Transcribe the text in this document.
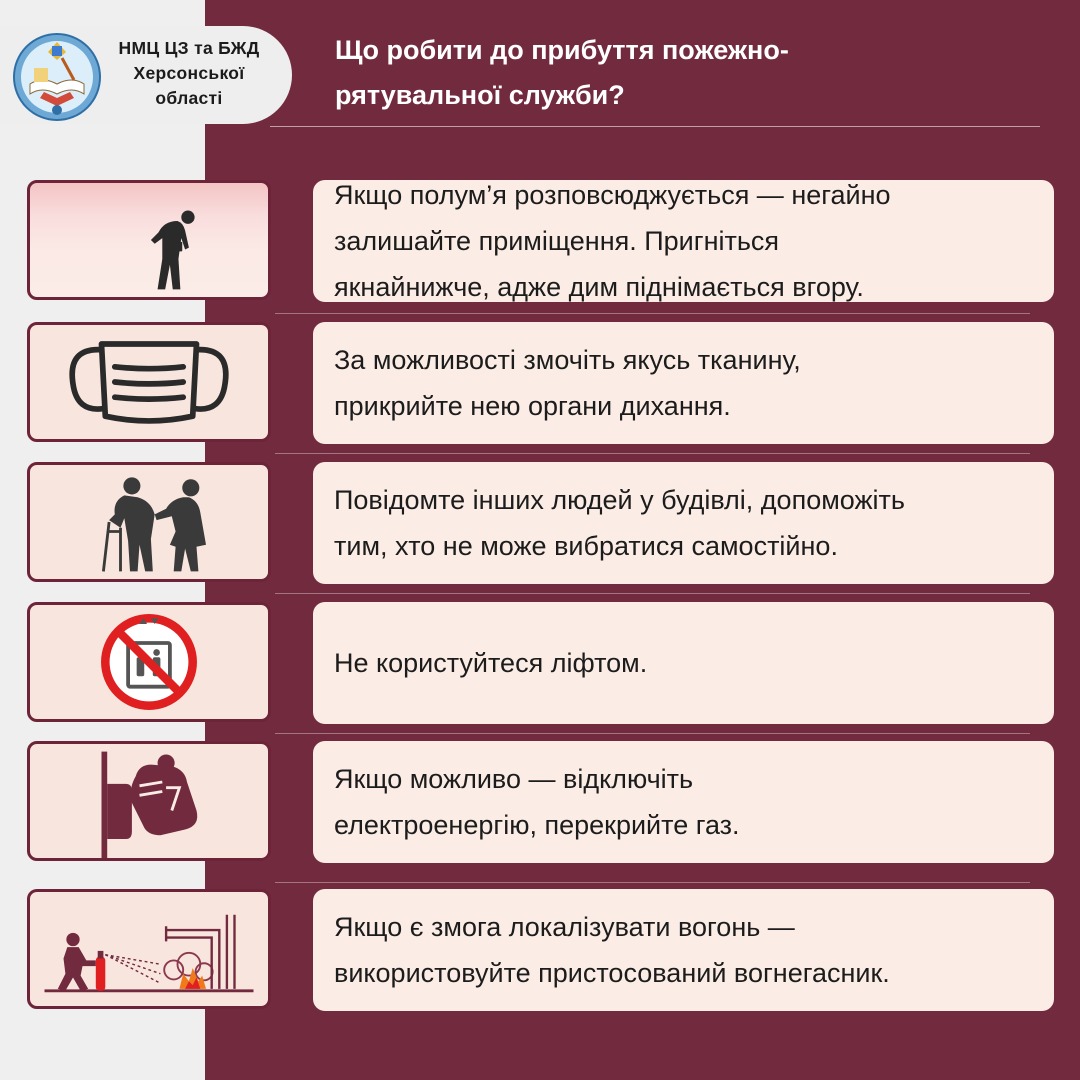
НМЦ ЦЗ та БЖД
Херсонської
області
Що робити до прибуття пожежно-
рятувальної служби?
Якщо полум’я розповсюджується — негайно
залишайте приміщення. Пригніться
якнайнижче, адже дим піднімається вгору.
За можливості змочіть якусь тканину,
прикрийте нею органи дихання.
Повідомте інших людей у будівлі, допоможіть
тим, хто не може вибратися самостійно.
Не користуйтеся ліфтом.
Якщо можливо — відключіть
електроенергію, перекрийте газ.
Якщо є змога локалізувати вогонь —
використовуйте пристосований вогнегасник.
